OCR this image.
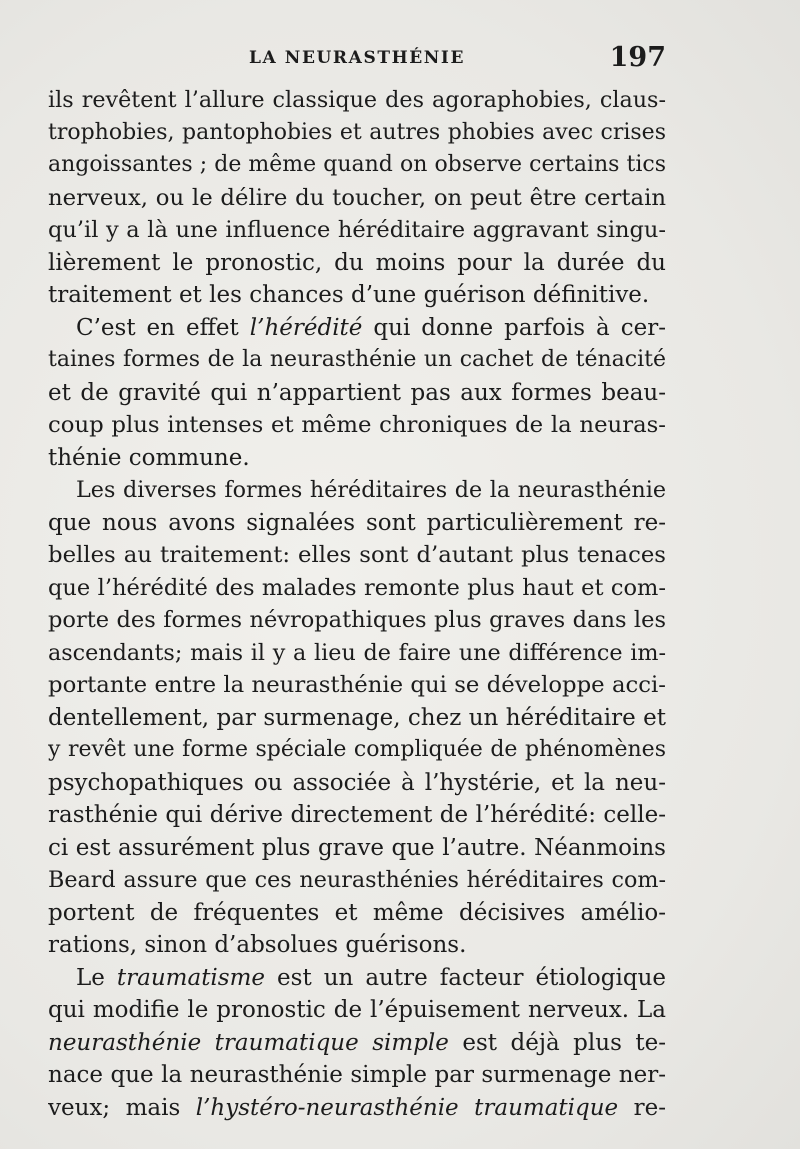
LA NEURASTHÉNIE	197
ils revêtent l’allure classique des agoraphobies, claus-
trophobies, pantophobies et autres phobies avec crises
angoissantes ; de même quand on observe certains tics
nerveux, ou le délire du toucher, on peut être certain
qu’il y a là une influence héréditaire aggravant singu-
lièrement le pronostic, du moins pour la durée du
traitement et les chances d’une guérison définitive.
C’est en effet l’hérédité qui donne parfois à cer-
taines formes de la neurasthénie un cachet de ténacité
et de gravité qui n’appartient pas aux formes beau-
coup plus intenses et même chroniques de la neuras-
thénie commune.
Les diverses formes héréditaires de la neurasthénie
que nous avons signalées sont particulièrement re-
belles au traitement: elles sont d’autant plus tenaces
que l’hérédité des malades remonte plus haut et com-
porte des formes névropathiques plus graves dans les
ascendants; mais il y a lieu de faire une différence im-
portante entre la neurasthénie qui se développe acci-
dentellement, par surmenage, chez un héréditaire et
y revêt une forme spéciale compliquée de phénomènes
psychopathiques ou associée à l’hystérie, et la neu-
rasthénie qui dérive directement de l’hérédité: celle-
ci est assurément plus grave que l’autre. Néanmoins
Beard assure que ces neurasthénies héréditaires com-
portent de fréquentes et même décisives amélio-
rations, sinon d’absolues guérisons.
Le traumatisme est un autre facteur étiologique
qui modifie le pronostic de l’épuisement nerveux. La
neurasthénie traumatique simple est déjà plus te-
nace que la neurasthénie simple par surmenage ner-
veux; mais l’hystéro-neurasthénie traumatique re-
